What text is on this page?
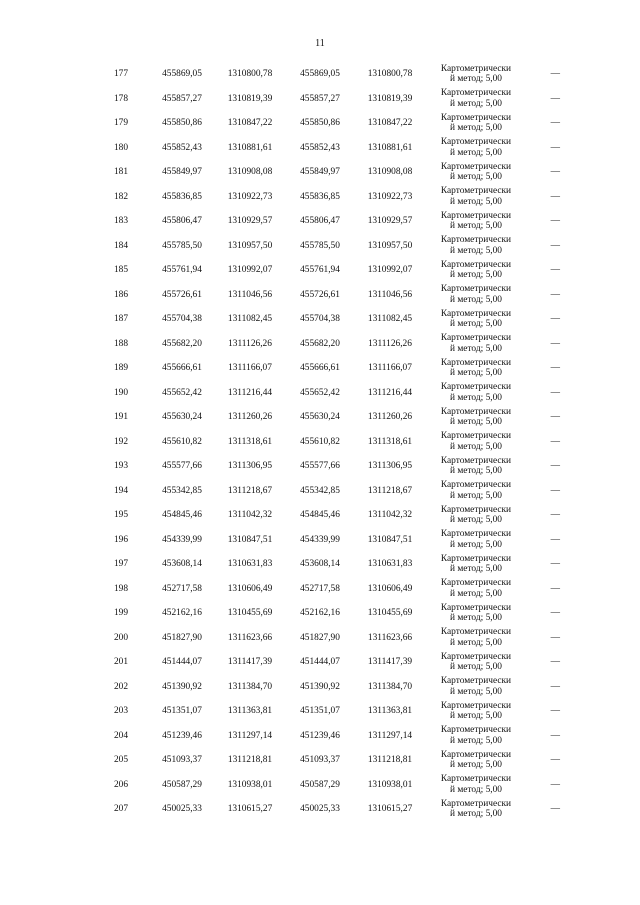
11
177	455869,05	1310800,78	455869,05	1310800,78	Картометрически
й метод; 5,00	—
178	455857,27	1310819,39	455857,27	1310819,39	Картометрически
й метод; 5,00	—
179	455850,86	1310847,22	455850,86	1310847,22	Картометрически
й метод; 5,00	—
180	455852,43	1310881,61	455852,43	1310881,61	Картометрически
й метод; 5,00	—
181	455849,97	1310908,08	455849,97	1310908,08	Картометрически
й метод; 5,00	—
182	455836,85	1310922,73	455836,85	1310922,73	Картометрически
й метод; 5,00	—
183	455806,47	1310929,57	455806,47	1310929,57	Картометрически
й метод; 5,00	—
184	455785,50	1310957,50	455785,50	1310957,50	Картометрически
й метод; 5,00	—
185	455761,94	1310992,07	455761,94	1310992,07	Картометрически
й метод; 5,00	—
186	455726,61	1311046,56	455726,61	1311046,56	Картометрически
й метод; 5,00	—
187	455704,38	1311082,45	455704,38	1311082,45	Картометрически
й метод; 5,00	—
188	455682,20	1311126,26	455682,20	1311126,26	Картометрически
й метод; 5,00	—
189	455666,61	1311166,07	455666,61	1311166,07	Картометрически
й метод; 5,00	—
190	455652,42	1311216,44	455652,42	1311216,44	Картометрически
й метод; 5,00	—
191	455630,24	1311260,26	455630,24	1311260,26	Картометрически
й метод; 5,00	—
192	455610,82	1311318,61	455610,82	1311318,61	Картометрически
й метод; 5,00	—
193	455577,66	1311306,95	455577,66	1311306,95	Картометрически
й метод; 5,00	—
194	455342,85	1311218,67	455342,85	1311218,67	Картометрически
й метод; 5,00	—
195	454845,46	1311042,32	454845,46	1311042,32	Картометрически
й метод; 5,00	—
196	454339,99	1310847,51	454339,99	1310847,51	Картометрически
й метод; 5,00	—
197	453608,14	1310631,83	453608,14	1310631,83	Картометрически
й метод; 5,00	—
198	452717,58	1310606,49	452717,58	1310606,49	Картометрически
й метод; 5,00	—
199	452162,16	1310455,69	452162,16	1310455,69	Картометрически
й метод; 5,00	—
200	451827,90	1311623,66	451827,90	1311623,66	Картометрически
й метод; 5,00	—
201	451444,07	1311417,39	451444,07	1311417,39	Картометрически
й метод; 5,00	—
202	451390,92	1311384,70	451390,92	1311384,70	Картометрически
й метод; 5,00	—
203	451351,07	1311363,81	451351,07	1311363,81	Картометрически
й метод; 5,00	—
204	451239,46	1311297,14	451239,46	1311297,14	Картометрически
й метод; 5,00	—
205	451093,37	1311218,81	451093,37	1311218,81	Картометрически
й метод; 5,00	—
206	450587,29	1310938,01	450587,29	1310938,01	Картометрически
й метод; 5,00	—
207	450025,33	1310615,27	450025,33	1310615,27	Картометрически
й метод; 5,00	—
